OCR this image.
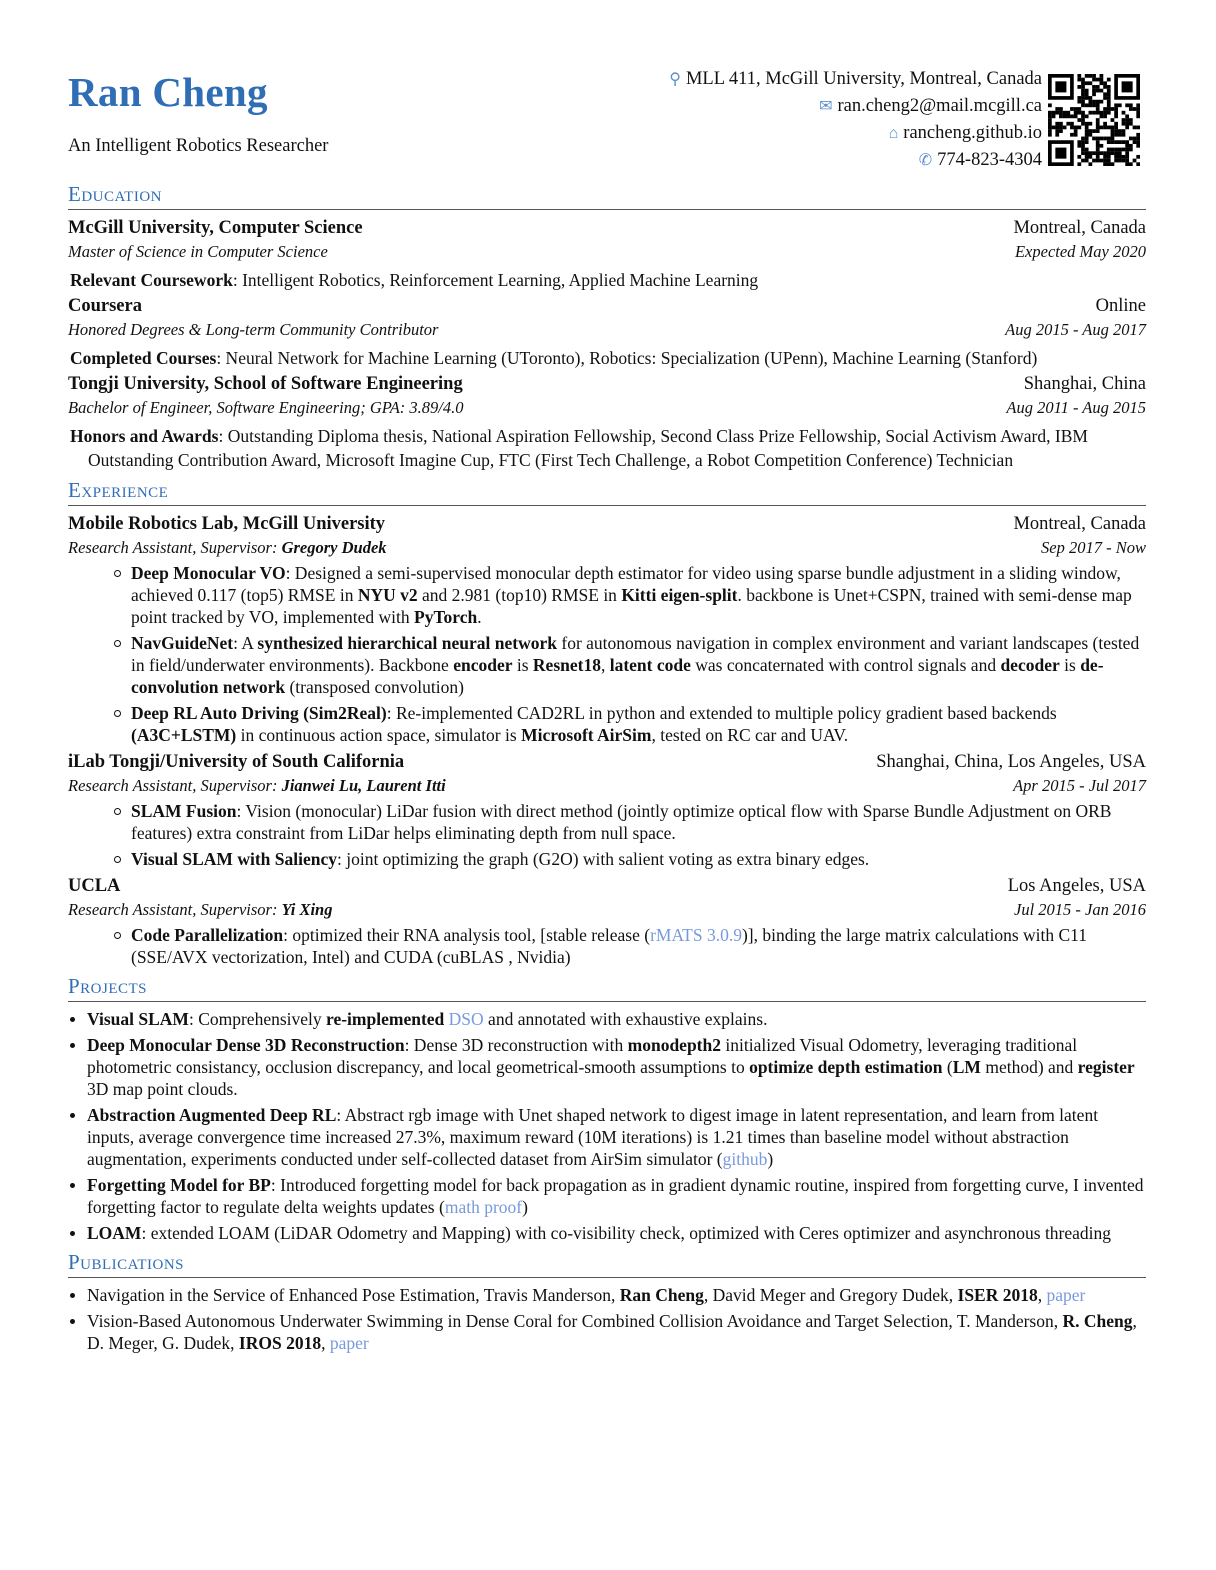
Ran Cheng
An Intelligent Robotics Researcher
⚲ MLL 411, McGill University, Montreal, Canada
✉ ran.cheng2@mail.mcgill.ca
⌂ rancheng.github.io
✆ 774-823-4304
Education
McGill University, Computer Science	Montreal, Canada
Master of Science in Computer Science	Expected May 2020
Relevant Coursework: Intelligent Robotics, Reinforcement Learning, Applied Machine Learning
Coursera	Online
Honored Degrees & Long-term Community Contributor	Aug 2015 - Aug 2017
Completed Courses: Neural Network for Machine Learning (UToronto), Robotics: Specialization (UPenn), Machine Learning (Stanford)
Tongji University, School of Software Engineering	Shanghai, China
Bachelor of Engineer, Software Engineering; GPA: 3.89/4.0	Aug 2011 - Aug 2015
Honors and Awards: Outstanding Diploma thesis, National Aspiration Fellowship, Second Class Prize Fellowship, Social Activism Award, IBM Outstanding Contribution Award, Microsoft Imagine Cup, FTC (First Tech Challenge, a Robot Competition Conference) Technician
Experience
Mobile Robotics Lab, McGill University	Montreal, Canada
Research Assistant, Supervisor: Gregory Dudek	Sep 2017 - Now
Deep Monocular VO: Designed a semi-supervised monocular depth estimator for video using sparse bundle adjustment in a sliding window, achieved 0.117 (top5) RMSE in NYU v2 and 2.981 (top10) RMSE in Kitti eigen-split. backbone is Unet+CSPN, trained with semi-dense map point tracked by VO, implemented with PyTorch.
NavGuideNet: A synthesized hierarchical neural network for autonomous navigation in complex environment and variant landscapes (tested in field/underwater environments). Backbone encoder is Resnet18, latent code was concaternated with control signals and decoder is de-convolution network (transposed convolution)
Deep RL Auto Driving (Sim2Real): Re-implemented CAD2RL in python and extended to multiple policy gradient based backends (A3C+LSTM) in continuous action space, simulator is Microsoft AirSim, tested on RC car and UAV.
iLab Tongji/University of South California	Shanghai, China, Los Angeles, USA
Research Assistant, Supervisor: Jianwei Lu, Laurent Itti	Apr 2015 - Jul 2017
SLAM Fusion: Vision (monocular) LiDar fusion with direct method (jointly optimize optical flow with Sparse Bundle Adjustment on ORB features) extra constraint from LiDar helps eliminating depth from null space.
Visual SLAM with Saliency: joint optimizing the graph (G2O) with salient voting as extra binary edges.
UCLA	Los Angeles, USA
Research Assistant, Supervisor: Yi Xing	Jul 2015 - Jan 2016
Code Parallelization: optimized their RNA analysis tool, [stable release (rMATS 3.0.9)], binding the large matrix calculations with C11 (SSE/AVX vectorization, Intel) and CUDA (cuBLAS , Nvidia)
Projects
Visual SLAM: Comprehensively re-implemented DSO and annotated with exhaustive explains.
Deep Monocular Dense 3D Reconstruction: Dense 3D reconstruction with monodepth2 initialized Visual Odometry, leveraging traditional photometric consistancy, occlusion discrepancy, and local geometrical-smooth assumptions to optimize depth estimation (LM method) and register 3D map point clouds.
Abstraction Augmented Deep RL: Abstract rgb image with Unet shaped network to digest image in latent representation, and learn from latent inputs, average convergence time increased 27.3%, maximum reward (10M iterations) is 1.21 times than baseline model without abstraction augmentation, experiments conducted under self-collected dataset from AirSim simulator (github)
Forgetting Model for BP: Introduced forgetting model for back propagation as in gradient dynamic routine, inspired from forgetting curve, I invented forgetting factor to regulate delta weights updates (math proof)
LOAM: extended LOAM (LiDAR Odometry and Mapping) with co-visibility check, optimized with Ceres optimizer and asynchronous threading
Publications
Navigation in the Service of Enhanced Pose Estimation, Travis Manderson, Ran Cheng, David Meger and Gregory Dudek, ISER 2018, paper
Vision-Based Autonomous Underwater Swimming in Dense Coral for Combined Collision Avoidance and Target Selection, T. Manderson, R. Cheng, D. Meger, G. Dudek, IROS 2018, paper
